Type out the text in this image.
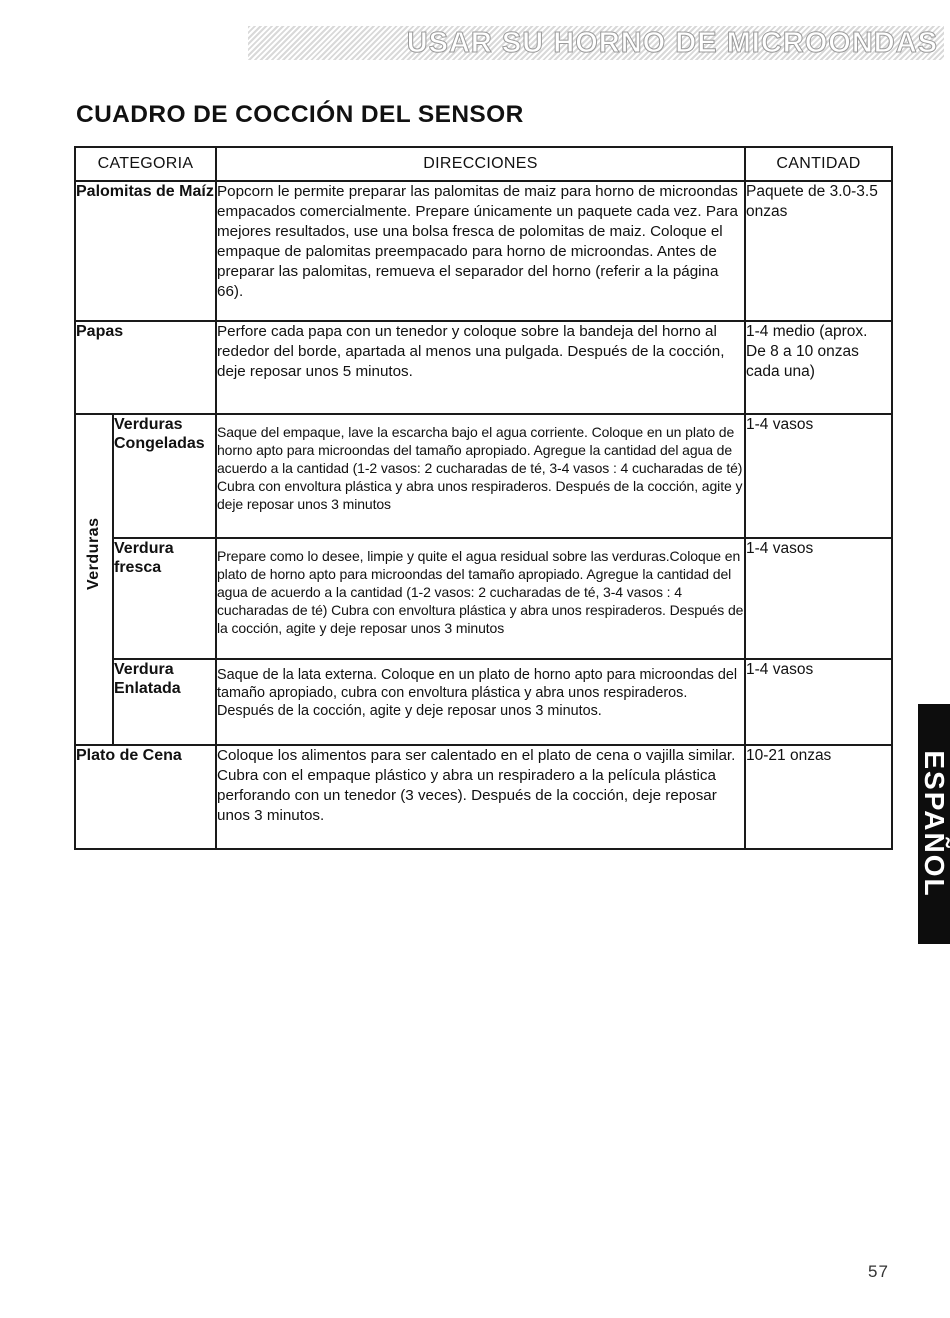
USAR SU HORNO DE MICROONDAS
CUADRO DE COCCIÓN DEL SENSOR
CATEGORIA		DIRECCIONES	CANTIDAD
Palomitas de Maíz		Popcorn le permite preparar las palomitas de maiz para horno de microondas empacados comercialmente. Prepare únicamente un paquete cada vez. Para mejores resultados, use una bolsa fresca de polomitas de maiz. Coloque el empaque de palomitas preempacado para horno de microondas. Antes de preparar las palomitas, remueva el separador del horno (referir a la página 66).	Paquete de 3.0-3.5 onzas
Papas		Perfore cada papa con un tenedor y coloque sobre la bandeja del horno al rededor del borde, apartada al menos una pulgada. Después de la cocción, deje reposar unos 5 minutos.	1-4 medio (aprox. De 8 a 10 onzas cada una)

Verduras	Verduras Congeladas	Saque del empaque, lave la escarcha bajo el agua corriente. Coloque en un plato de horno apto para microondas del tamaño apropiado. Agregue la cantidad del agua de acuerdo a la cantidad (1-2 vasos: 2 cucharadas de té, 3-4 vasos : 4 cucharadas de té) Cubra con envoltura plástica y abra unos respiraderos. Después de la cocción, agite y deje reposar unos 3 minutos	1-4 vasos
	Verdura fresca	Prepare como lo desee, limpie y quite el agua residual sobre las verduras.Coloque en plato de horno apto para microondas del tamaño apropiado. Agregue la cantidad del agua de acuerdo a la cantidad (1-2 vasos: 2 cucharadas de té, 3-4 vasos : 4 cucharadas de té) Cubra con envoltura plástica y abra unos respiraderos. Después de la cocción, agite y deje reposar unos 3 minutos	1-4 vasos
	Verdura Enlatada	Saque de la lata externa. Coloque en un plato de horno apto para microondas del tamaño apropiado, cubra con envoltura plástica y abra unos respiraderos. Después de la cocción, agite y deje reposar unos 3 minutos.	1-4 vasos
Plato de Cena		Coloque los alimentos para ser calentado en el plato de cena o vajilla similar. Cubra con el empaque plástico y abra un respiradero a la película plástica perforando con un tenedor (3 veces). Después de la cocción, deje reposar unos 3 minutos.	10-21 onzas	ESPAÑOL
57
